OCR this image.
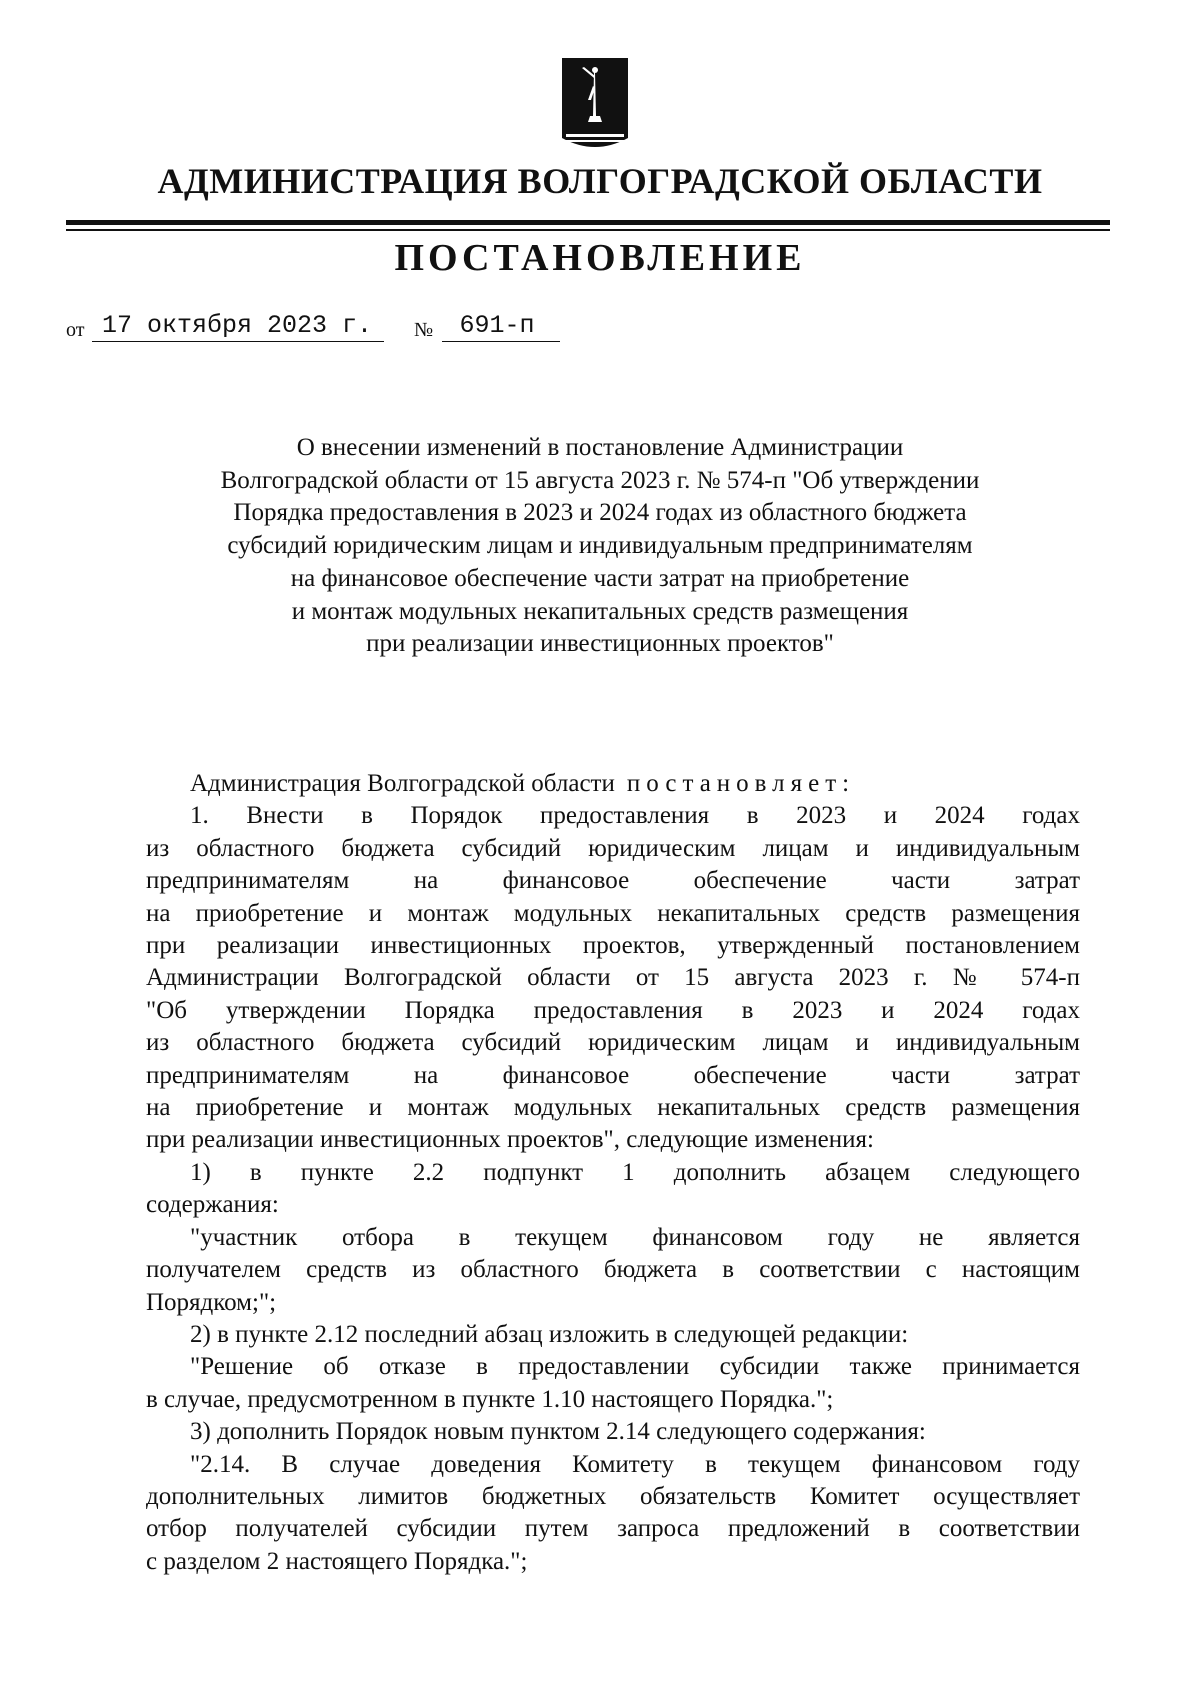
АДМИНИСТРАЦИЯ ВОЛГОГРАДСКОЙ ОБЛАСТИ
ПОСТАНОВЛЕНИЕ
от 17 октября 2023 г.	№	691-п
О внесении изменений в постановление Администрации
Волгоградской области от 15 августа 2023 г. № 574-п "Об утверждении
Порядка предоставления в 2023 и 2024 годах из областного бюджета
субсидий юридическим лицам и индивидуальным предпринимателям
на финансовое обеспечение части затрат на приобретение
и монтаж модульных некапитальных средств размещения
при реализации инвестиционных проектов"
Администрация Волгоградской области постановляет:
1. Внести в Порядок предоставления в 2023 и 2024 годах
из областного бюджета субсидий юридическим лицам и индивидуальным
предпринимателям на финансовое обеспечение части затрат
на приобретение и монтаж модульных некапитальных средств размещения
при реализации инвестиционных проектов, утвержденный постановлением
Администрации Волгоградской области от 15 августа 2023 г. № 574-п
"Об утверждении Порядка предоставления в 2023 и 2024 годах
из областного бюджета субсидий юридическим лицам и индивидуальным
предпринимателям на финансовое обеспечение части затрат
на приобретение и монтаж модульных некапитальных средств размещения
при реализации инвестиционных проектов", следующие изменения:
1) в пункте 2.2 подпункт 1 дополнить абзацем следующего
содержания:
"участник отбора в текущем финансовом году не является
получателем средств из областного бюджета в соответствии с настоящим
Порядком;";
2) в пункте 2.12 последний абзац изложить в следующей редакции:
"Решение об отказе в предоставлении субсидии также принимается
в случае, предусмотренном в пункте 1.10 настоящего Порядка.";
3) дополнить Порядок новым пунктом 2.14 следующего содержания:
"2.14. В случае доведения Комитету в текущем финансовом году
дополнительных лимитов бюджетных обязательств Комитет осуществляет
отбор получателей субсидии путем запроса предложений в соответствии
с разделом 2 настоящего Порядка.";
